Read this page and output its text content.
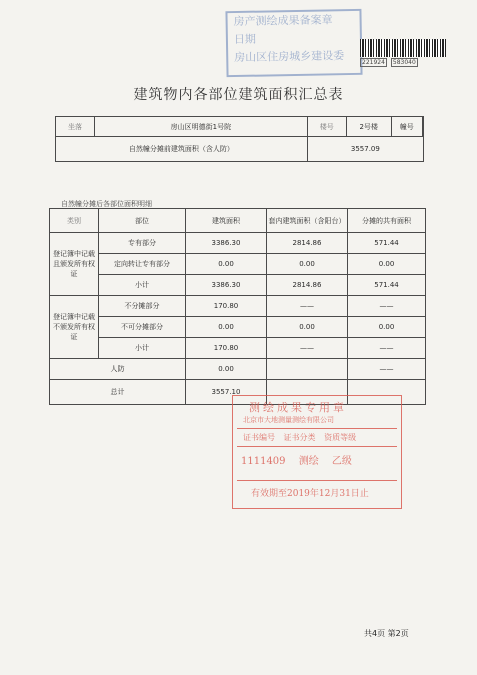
房产测绘成果备案章
日期
房山区住房城乡建设委	221924	583040
建筑物内各部位建筑面积汇总表
坐落	房山区明德街1号院	楼号	2号楼	幢号	
自然幢分摊前建筑面积（含人防）		3557.09			
自然幢分摊后各部位面积明细
类别	部位	建筑面积	套内建筑面积（含阳台）	分摊的共有面积
登记簿中记载且颁发所有权证	专有部分	3386.30	2814.86	571.44
	定向转让专有部分	0.00	0.00	0.00
	小计	3386.30	2814.86	571.44
登记簿中记载不颁发所有权证	不分摊部分	170.80	——	——
	不可分摊部分	0.00	0.00	0.00
	小计	170.80	——	——
人防		0.00		——
总计		3557.10		
测绘成果专用章
北京市大地测量测绘有限公司
证书编号 证书分类 资质等级
1111409 测绘 乙级
有效期至2019年12月31日止
共4页 第2页
